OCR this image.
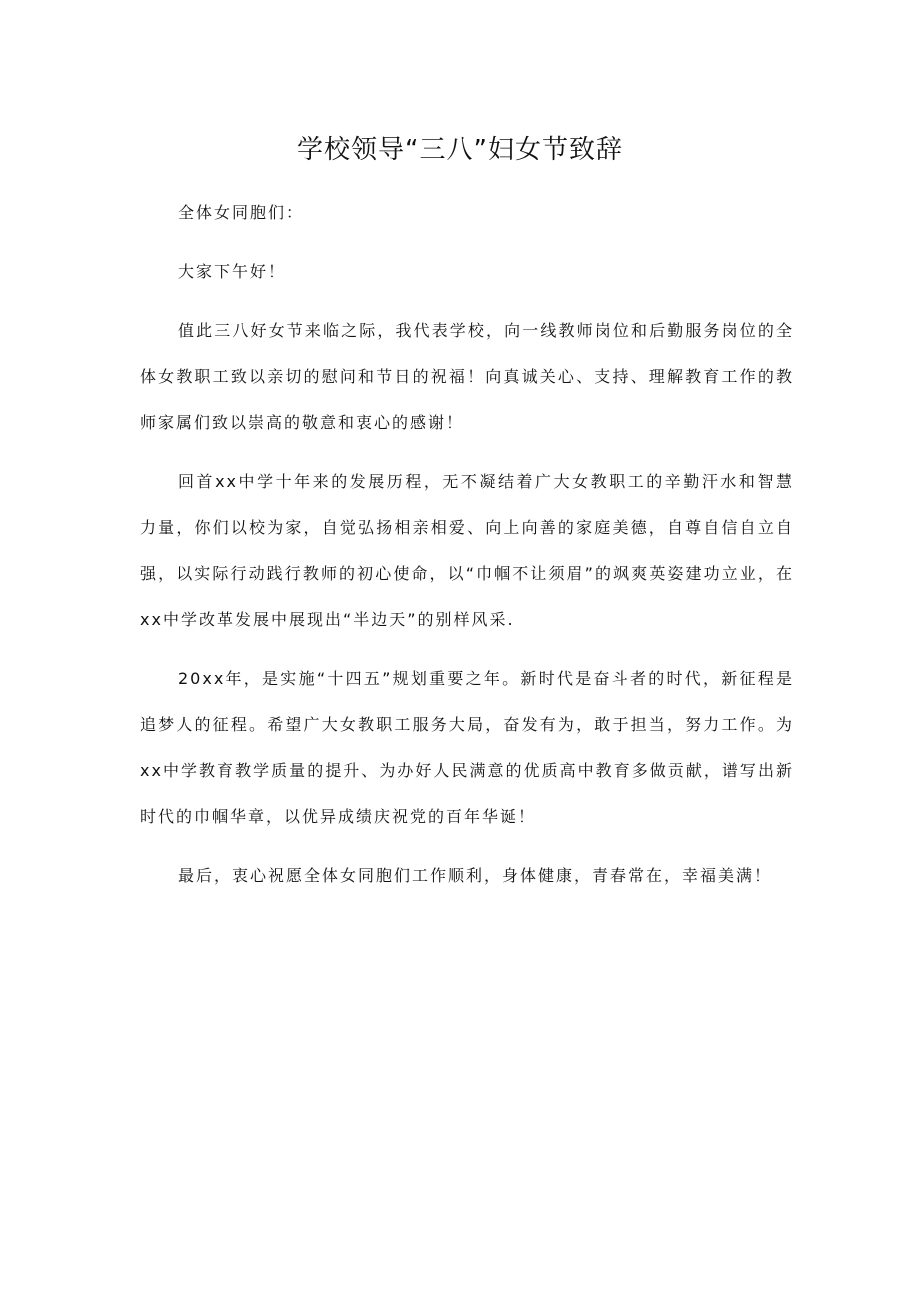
学校领导“三八”妇女节致辞

全体女同胞们：

大家下午好！

值此三八好女节来临之际，我代表学校，向一线教师岗位和后勤服务岗位的全体女教职工致以亲切的慰问和节日的祝福！向真诚关心、支持、理解教育工作的教师家属们致以崇高的敬意和衷心的感谢！

回首xx中学十年来的发展历程，无不凝结着广大女教职工的辛勤汗水和智慧力量，你们以校为家，自觉弘扬相亲相爱、向上向善的家庭美德，自尊自信自立自强，以实际行动践行教师的初心使命，以“巾帼不让须眉”的飒爽英姿建功立业，在xx中学改革发展中展现出“半边天”的别样风采.

20xx年，是实施“十四五”规划重要之年。新时代是奋斗者的时代，新征程是追梦人的征程。希望广大女教职工服务大局，奋发有为，敢于担当，努力工作。为xx中学教育教学质量的提升、为办好人民满意的优质高中教育多做贡献，谱写出新时代的巾帼华章，以优异成绩庆祝党的百年华诞！

最后，衷心祝愿全体女同胞们工作顺利，身体健康，青春常在，幸福美满！
